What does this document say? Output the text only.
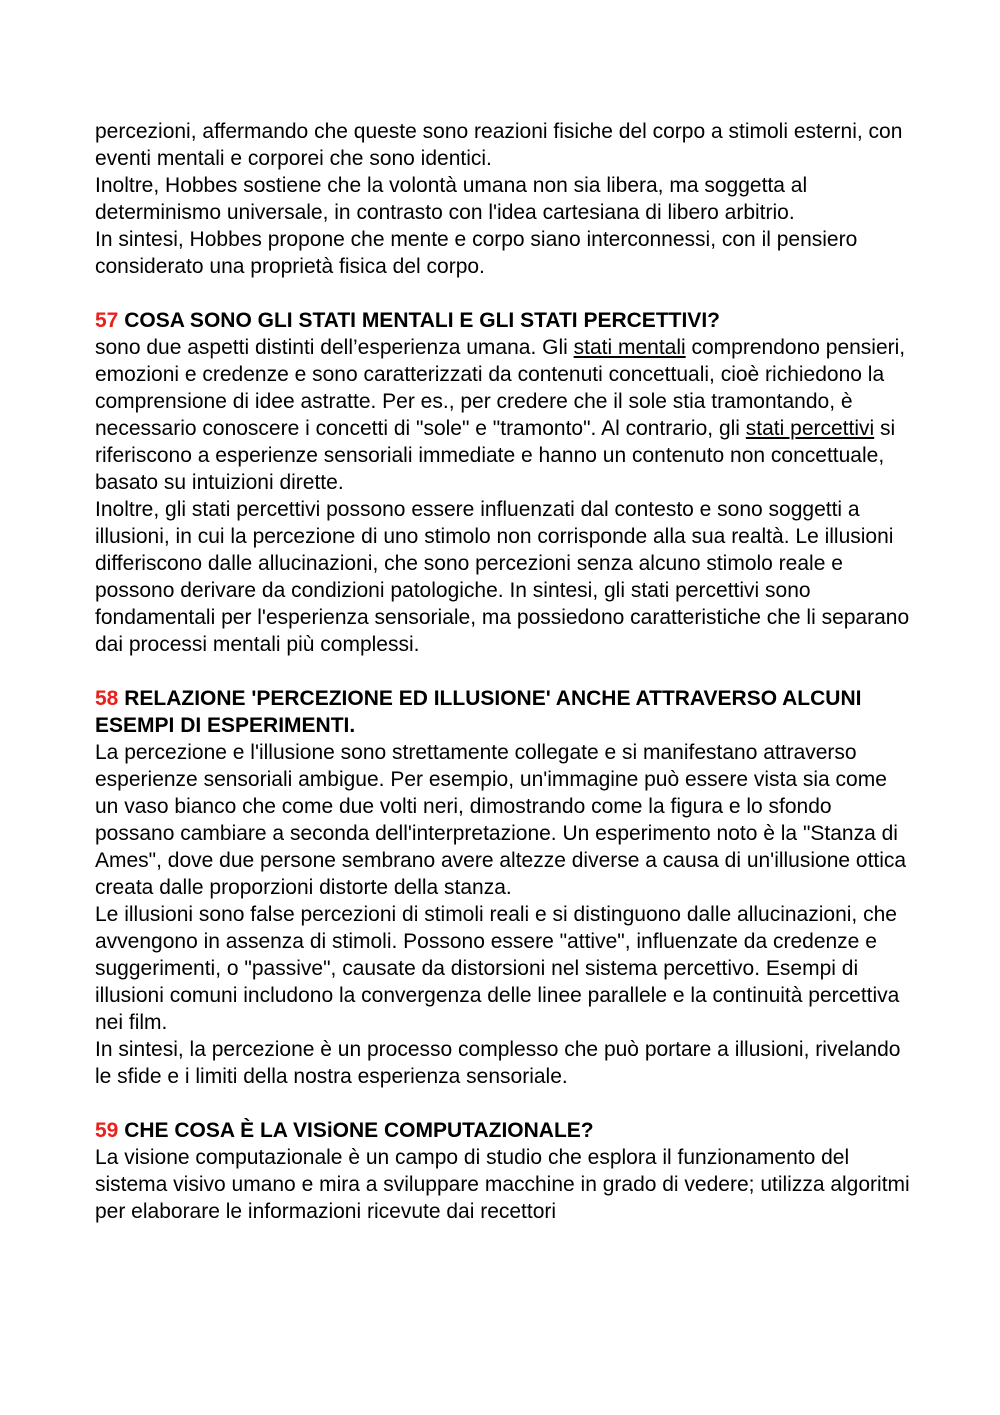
percezioni, affermando che queste sono reazioni fisiche del corpo a stimoli esterni, con eventi mentali e corporei che sono identici.

Inoltre, Hobbes sostiene che la volontà umana non sia libera, ma soggetta al determinismo universale, in contrasto con l'idea cartesiana di libero arbitrio.

In sintesi, Hobbes propone che mente e corpo siano interconnessi, con il pensiero considerato una proprietà fisica del corpo.

57 COSA SONO GLI STATI MENTALI E GLI STATI PERCETTIVI?

sono due aspetti distinti dell’esperienza umana. Gli stati mentali comprendono pensieri, emozioni e credenze e sono caratterizzati da contenuti concettuali, cioè richiedono la comprensione di idee astratte. Per es., per credere che il sole stia tramontando, è necessario conoscere i concetti di "sole" e "tramonto". Al contrario, gli stati percettivi si riferiscono a esperienze sensoriali immediate e hanno un contenuto non concettuale, basato su intuizioni dirette.

Inoltre, gli stati percettivi possono essere influenzati dal contesto e sono soggetti a illusioni, in cui la percezione di uno stimolo non corrisponde alla sua realtà. Le illusioni differiscono dalle allucinazioni, che sono percezioni senza alcuno stimolo reale e possono derivare da condizioni patologiche. In sintesi, gli stati percettivi sono fondamentali per l'esperienza sensoriale, ma possiedono caratteristiche che li separano dai processi mentali più complessi.

58 RELAZIONE 'PERCEZIONE ED ILLUSIONE' ANCHE ATTRAVERSO ALCUNI ESEMPI DI ESPERIMENTI.

La percezione e l'illusione sono strettamente collegate e si manifestano attraverso esperienze sensoriali ambigue. Per esempio, un'immagine può essere vista sia come un vaso bianco che come due volti neri, dimostrando come la figura e lo sfondo possano cambiare a seconda dell'interpretazione. Un esperimento noto è la "Stanza di Ames", dove due persone sembrano avere altezze diverse a causa di un'illusione ottica creata dalle proporzioni distorte della stanza.

Le illusioni sono false percezioni di stimoli reali e si distinguono dalle allucinazioni, che avvengono in assenza di stimoli. Possono essere "attive", influenzate da credenze e suggerimenti, o "passive", causate da distorsioni nel sistema percettivo. Esempi di illusioni comuni includono la convergenza delle linee parallele e la continuità percettiva nei film.

In sintesi, la percezione è un processo complesso che può portare a illusioni, rivelando le sfide e i limiti della nostra esperienza sensoriale.

59 CHE COSA È LA VISiONE COMPUTAZIONALE?

La visione computazionale è un campo di studio che esplora il funzionamento del sistema visivo umano e mira a sviluppare macchine in grado di vedere; utilizza algoritmi per elaborare le informazioni ricevute dai recettori
